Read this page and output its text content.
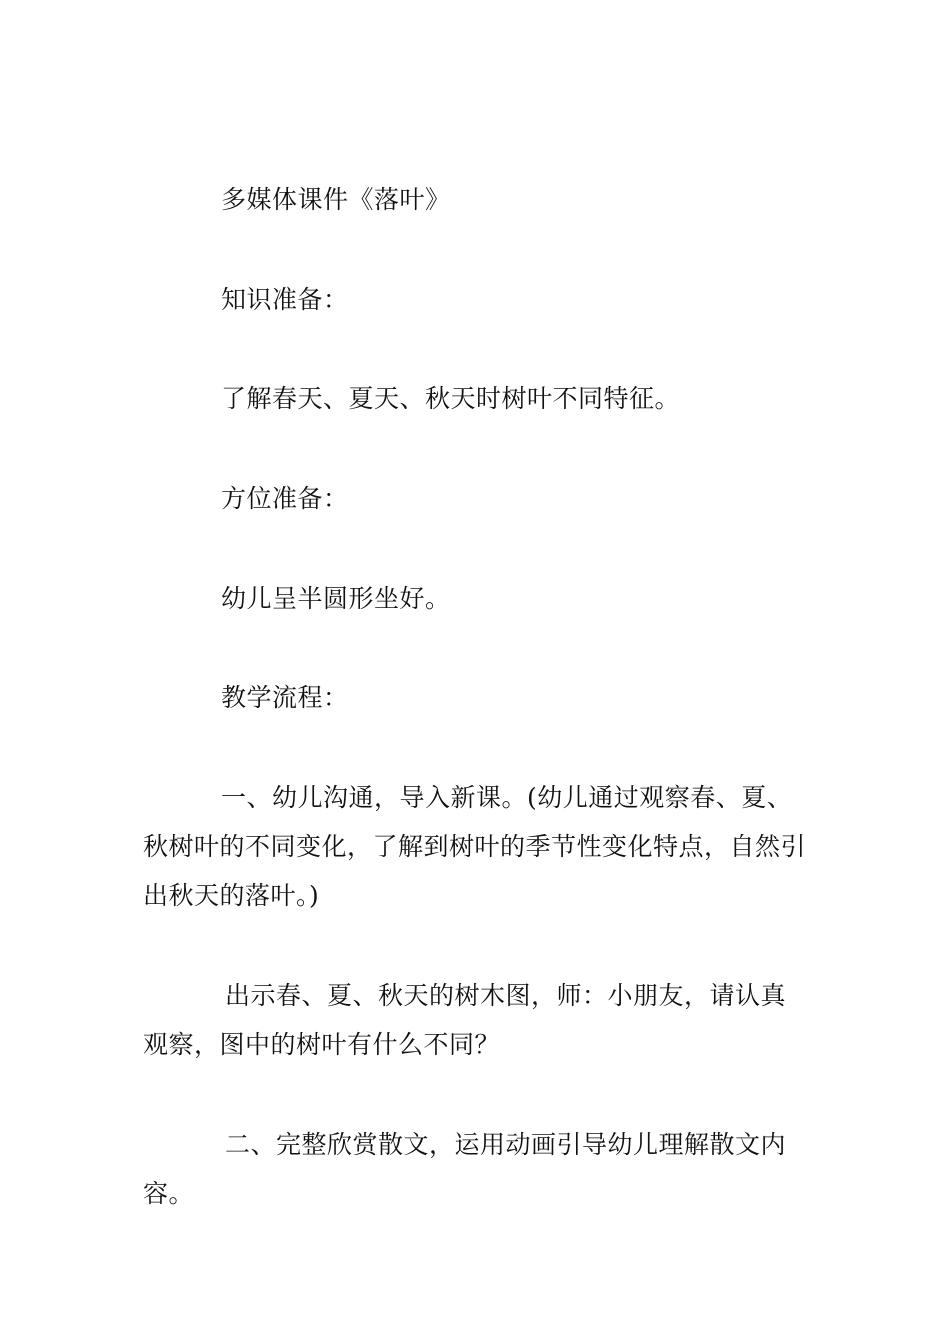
多媒体课件《落叶》

知识准备：

了解春天、夏天、秋天时树叶不同特征。

方位准备：

幼儿呈半圆形坐好。

教学流程：

一、幼儿沟通，导入新课。(幼儿通过观察春、夏、秋树叶的不同变化，了解到树叶的季节性变化特点，自然引出秋天的落叶。)

出示春、夏、秋天的树木图，师：小朋友，请认真观察，图中的树叶有什么不同？

二、完整欣赏散文，运用动画引导幼儿理解散文内容。
